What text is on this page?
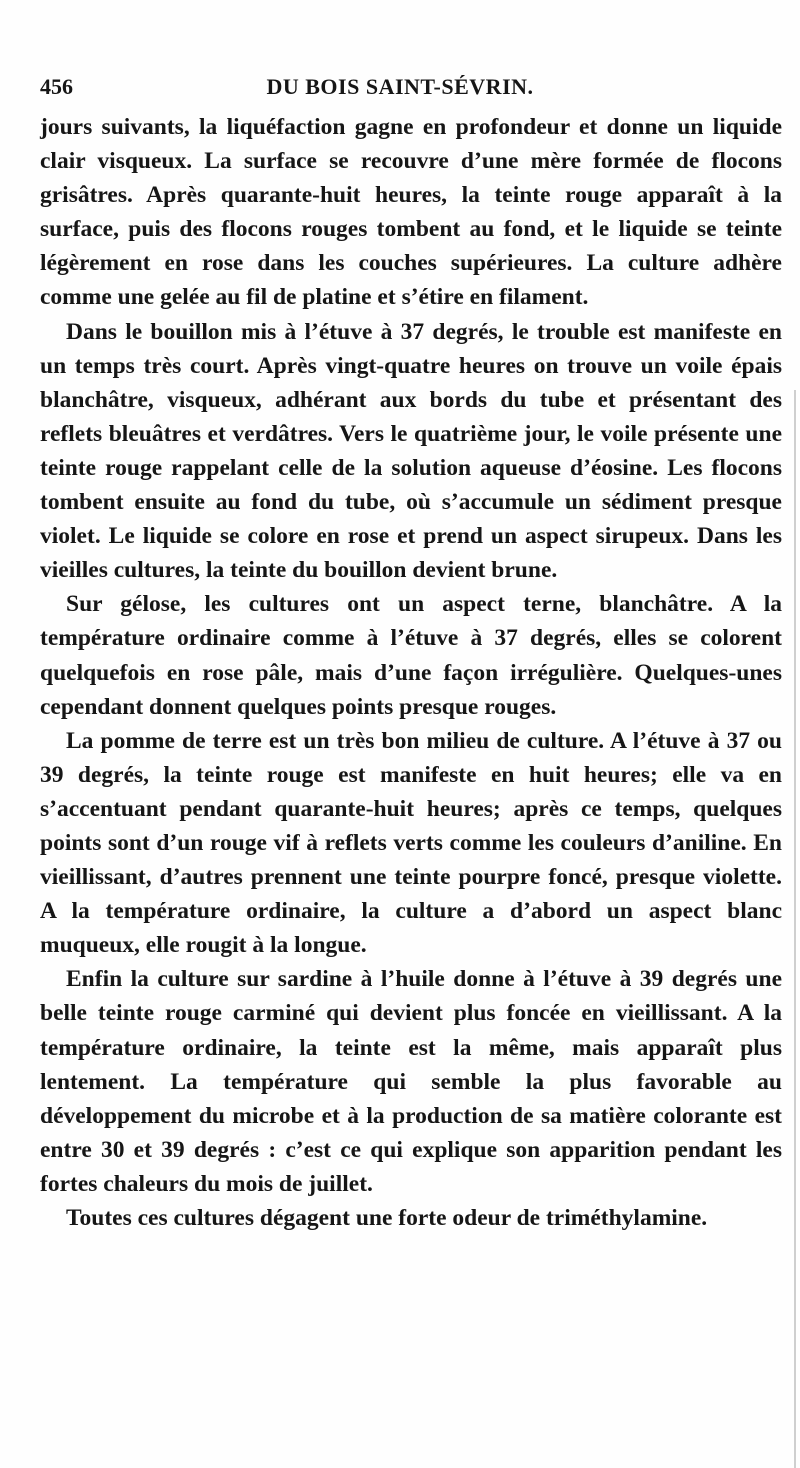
456	DU BOIS SAINT-SÉVRIN.

jours suivants, la liquéfaction gagne en profondeur et donne un liquide clair visqueux. La surface se recouvre d’une mère formée de flocons grisâtres. Après quarante-huit heures, la teinte rouge apparaît à la surface, puis des flocons rouges tombent au fond, et le liquide se teinte légèrement en rose dans les couches supérieures. La culture adhère comme une gelée au fil de platine et s’étire en filament.

Dans le bouillon mis à l’étuve à 37 degrés, le trouble est manifeste en un temps très court. Après vingt-quatre heures on trouve un voile épais blanchâtre, visqueux, adhérant aux bords du tube et présentant des reflets bleuâtres et verdâtres. Vers le quatrième jour, le voile présente une teinte rouge rappelant celle de la solution aqueuse d’éosine. Les flocons tombent ensuite au fond du tube, où s’accumule un sédiment presque violet. Le liquide se colore en rose et prend un aspect sirupeux. Dans les vieilles cultures, la teinte du bouillon devient brune.

Sur gélose, les cultures ont un aspect terne, blanchâtre. A la température ordinaire comme à l’étuve à 37 degrés, elles se colorent quelquefois en rose pâle, mais d’une façon irrégulière. Quelques-unes cependant donnent quelques points presque rouges.

La pomme de terre est un très bon milieu de culture. A l’étuve à 37 ou 39 degrés, la teinte rouge est manifeste en huit heures; elle va en s’accentuant pendant quarante-huit heures; après ce temps, quelques points sont d’un rouge vif à reflets verts comme les couleurs d’aniline. En vieillissant, d’autres prennent une teinte pourpre foncé, presque violette. A la température ordinaire, la culture a d’abord un aspect blanc muqueux, elle rougit à la longue.

Enfin la culture sur sardine à l’huile donne à l’étuve à 39 degrés une belle teinte rouge carminé qui devient plus foncée en vieillissant. A la température ordinaire, la teinte est la même, mais apparaît plus lentement. La température qui semble la plus favorable au développement du microbe et à la production de sa matière colorante est entre 30 et 39 degrés : c’est ce qui explique son apparition pendant les fortes chaleurs du mois de juillet.

Toutes ces cultures dégagent une forte odeur de triméthylamine.
